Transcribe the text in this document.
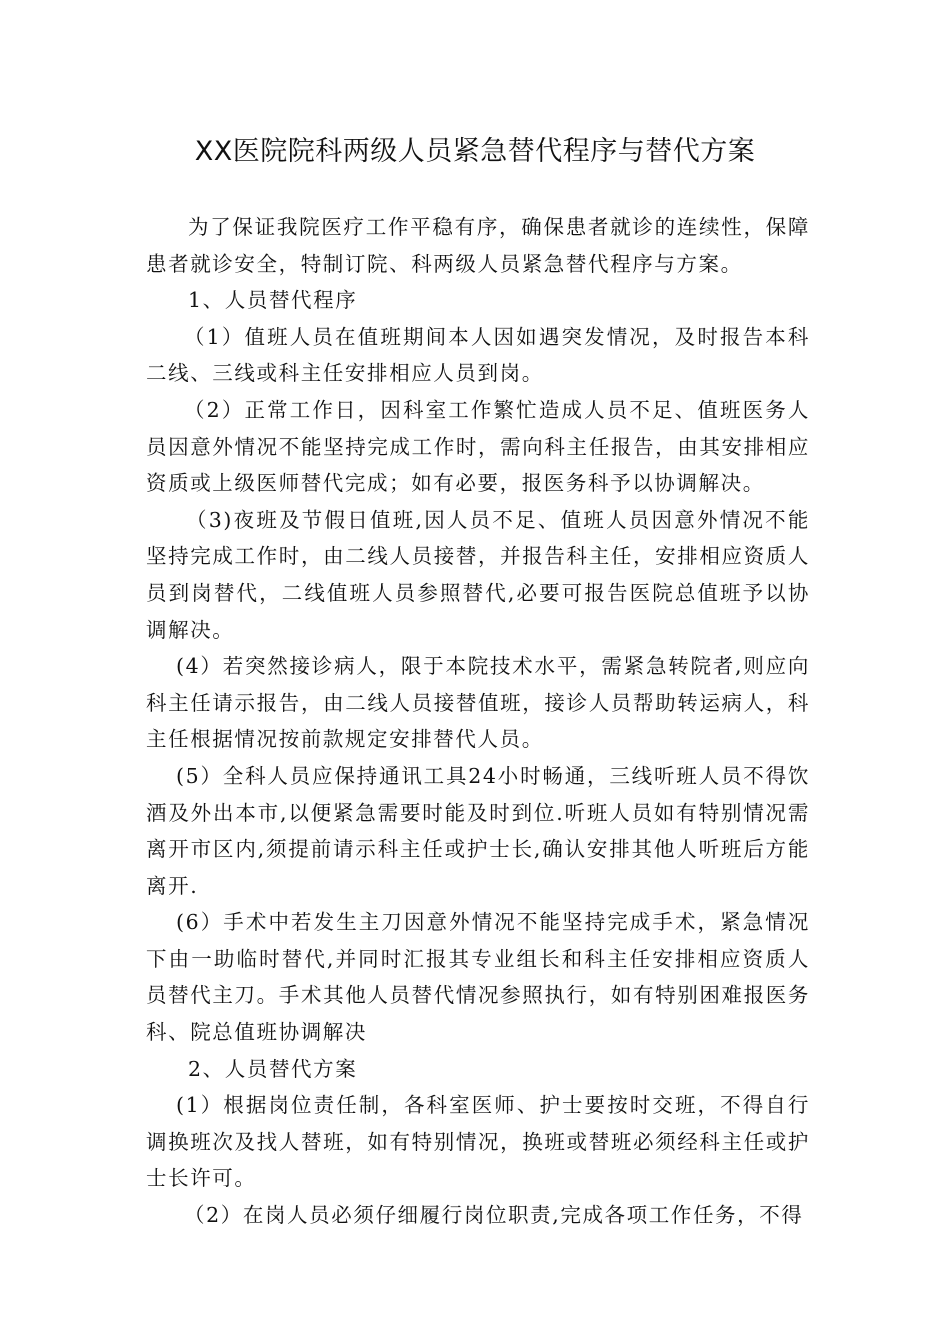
XX医院院科两级人员紧急替代程序与替代方案

为了保证我院医疗工作平稳有序，确保患者就诊的连续性，保障患者就诊安全，特制订院、科两级人员紧急替代程序与方案。

1、人员替代程序

（1）值班人员在值班期间本人因如遇突发情况，及时报告本科二线、三线或科主任安排相应人员到岗。

（2）正常工作日，因科室工作繁忙造成人员不足、值班医务人员因意外情况不能坚持完成工作时，需向科主任报告，由其安排相应资质或上级医师替代完成；如有必要，报医务科予以协调解决。

（3)夜班及节假日值班,因人员不足、值班人员因意外情况不能坚持完成工作时，由二线人员接替，并报告科主任，安排相应资质人员到岗替代，二线值班人员参照替代,必要可报告医院总值班予以协调解决。

(4）若突然接诊病人，限于本院技术水平，需紧急转院者,则应向科主任请示报告，由二线人员接替值班，接诊人员帮助转运病人，科主任根据情况按前款规定安排替代人员。

(5）全科人员应保持通讯工具24小时畅通，三线听班人员不得饮酒及外出本市,以便紧急需要时能及时到位.听班人员如有特别情况需离开市区内,须提前请示科主任或护士长,确认安排其他人听班后方能离开.

(6）手术中若发生主刀因意外情况不能坚持完成手术，紧急情况下由一助临时替代,并同时汇报其专业组长和科主任安排相应资质人员替代主刀。手术其他人员替代情况参照执行，如有特别困难报医务科、院总值班协调解决

2、人员替代方案

(1）根据岗位责任制，各科室医师、护士要按时交班，不得自行调换班次及找人替班，如有特别情况，换班或替班必须经科主任或护士长许可。

（2）在岗人员必须仔细履行岗位职责,完成各项工作任务，不得
